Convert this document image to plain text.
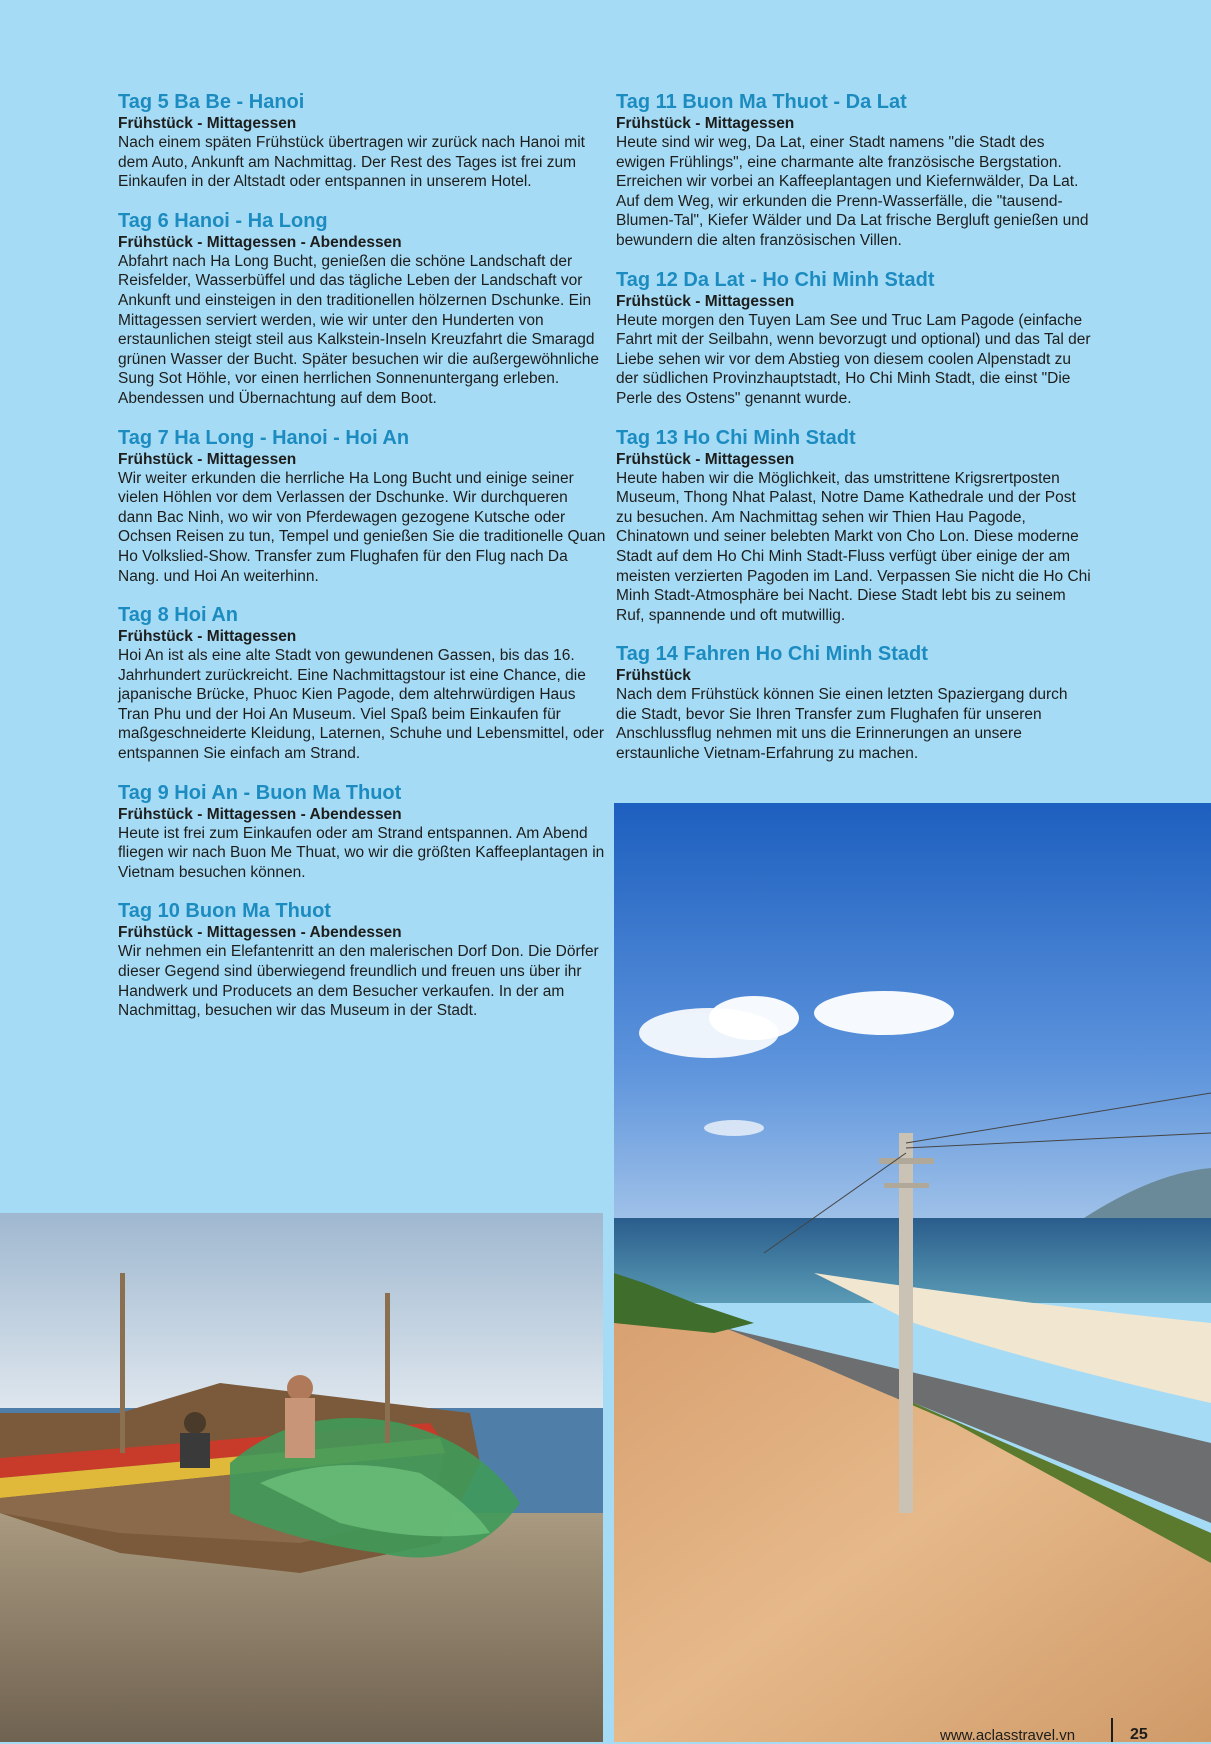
Tag 5 Ba Be - Hanoi
Frühstück - Mittagessen

Nach einem späten Frühstück übertragen wir zurück nach Hanoi mit dem Auto, Ankunft am Nachmittag. Der Rest des Tages ist frei zum Einkaufen in der Altstadt oder entspannen in unserem Hotel.

Tag 6 Hanoi - Ha Long
Frühstück - Mittagessen - Abendessen

Abfahrt nach Ha Long Bucht, genießen die schöne Landschaft der Reisfelder, Wasserbüffel und das tägliche Leben der Landschaft vor Ankunft und einsteigen in den traditionellen hölzernen Dschunke. Ein Mittagessen serviert werden, wie wir unter den Hunderten von erstaunlichen steigt steil aus Kalkstein-Inseln Kreuzfahrt die Smaragd grünen Wasser der Bucht. Später besuchen wir die außergewöhnliche Sung Sot Höhle, vor einen herrlichen Sonnenuntergang erleben. Abendessen und Übernachtung auf dem Boot.

Tag 7 Ha Long - Hanoi - Hoi An
Frühstück - Mittagessen

Wir weiter erkunden die herrliche Ha Long Bucht und einige seiner vielen Höhlen vor dem Verlassen der Dschunke. Wir durchqueren dann Bac Ninh, wo wir von Pferdewagen gezogene Kutsche oder Ochsen Reisen zu tun, Tempel und genießen Sie die traditionelle Quan Ho Volkslied-Show. Transfer zum Flughafen für den Flug nach Da Nang. und Hoi An weiterhinn.

Tag 8 Hoi An
Frühstück - Mittagessen

Hoi An ist als eine alte Stadt von gewundenen Gassen, bis das 16. Jahrhundert zurückreicht. Eine Nachmittagstour ist eine Chance, die japanische Brücke, Phuoc Kien Pagode, dem altehrwürdigen Haus Tran Phu und der Hoi An Museum. Viel Spaß beim Einkaufen für maßgeschneiderte Kleidung, Laternen, Schuhe und Lebensmittel, oder entspannen Sie einfach am Strand.

Tag 9 Hoi An - Buon Ma Thuot
Frühstück - Mittagessen - Abendessen

Heute ist frei zum Einkaufen oder am Strand entspannen. Am Abend fliegen wir nach Buon Me Thuat, wo wir die größten Kaffeeplantagen in Vietnam besuchen können.

Tag 10 Buon Ma Thuot
Frühstück - Mittagessen - Abendessen

Wir nehmen ein Elefantenritt an den malerischen Dorf Don. Die Dörfer dieser Gegend sind überwiegend freundlich und freuen uns über ihr Handwerk und Producets an dem Besucher verkaufen. In der am Nachmittag, besuchen wir das Museum in der Stadt.

Tag 11 Buon Ma Thuot - Da Lat
Frühstück - Mittagessen

Heute sind wir weg, Da Lat, einer Stadt namens "die Stadt des ewigen Frühlings", eine charmante alte französische Bergstation. Erreichen wir vorbei an Kaffeeplantagen und Kiefernwälder, Da Lat. Auf dem Weg, wir erkunden die Prenn-Wasserfälle, die "tausend-Blumen-Tal", Kiefer Wälder und Da Lat frische Bergluft genießen und bewundern die alten französischen Villen.

Tag 12 Da Lat - Ho Chi Minh Stadt
Frühstück - Mittagessen

Heute morgen den Tuyen Lam See und Truc Lam Pagode (einfache Fahrt mit der Seilbahn, wenn bevorzugt und optional) und das Tal der Liebe sehen wir vor dem Abstieg von diesem coolen Alpenstadt zu der südlichen Provinzhauptstadt, Ho Chi Minh Stadt, die einst "Die Perle des Ostens" genannt wurde.

Tag 13 Ho Chi Minh Stadt
Frühstück - Mittagessen

Heute haben wir die Möglichkeit, das umstrittene Krigsrertposten Museum, Thong Nhat Palast, Notre Dame Kathedrale und der Post zu besuchen. Am Nachmittag sehen wir Thien Hau Pagode, Chinatown und seiner belebten Markt von Cho Lon. Diese moderne Stadt auf dem Ho Chi Minh Stadt-Fluss verfügt über einige der am meisten verzierten Pagoden im Land. Verpassen Sie nicht die Ho Chi Minh Stadt-Atmosphäre bei Nacht. Diese Stadt lebt bis zu seinem Ruf, spannende und oft mutwillig.

Tag 14 Fahren Ho Chi Minh Stadt
Frühstück

Nach dem Frühstück können Sie einen letzten Spaziergang durch die Stadt, bevor Sie Ihren Transfer zum Flughafen für unseren Anschlussflug nehmen mit uns die Erinnerungen an unsere erstaunliche Vietnam-Erfahrung zu machen.

www.aclasstravel.vn	25
